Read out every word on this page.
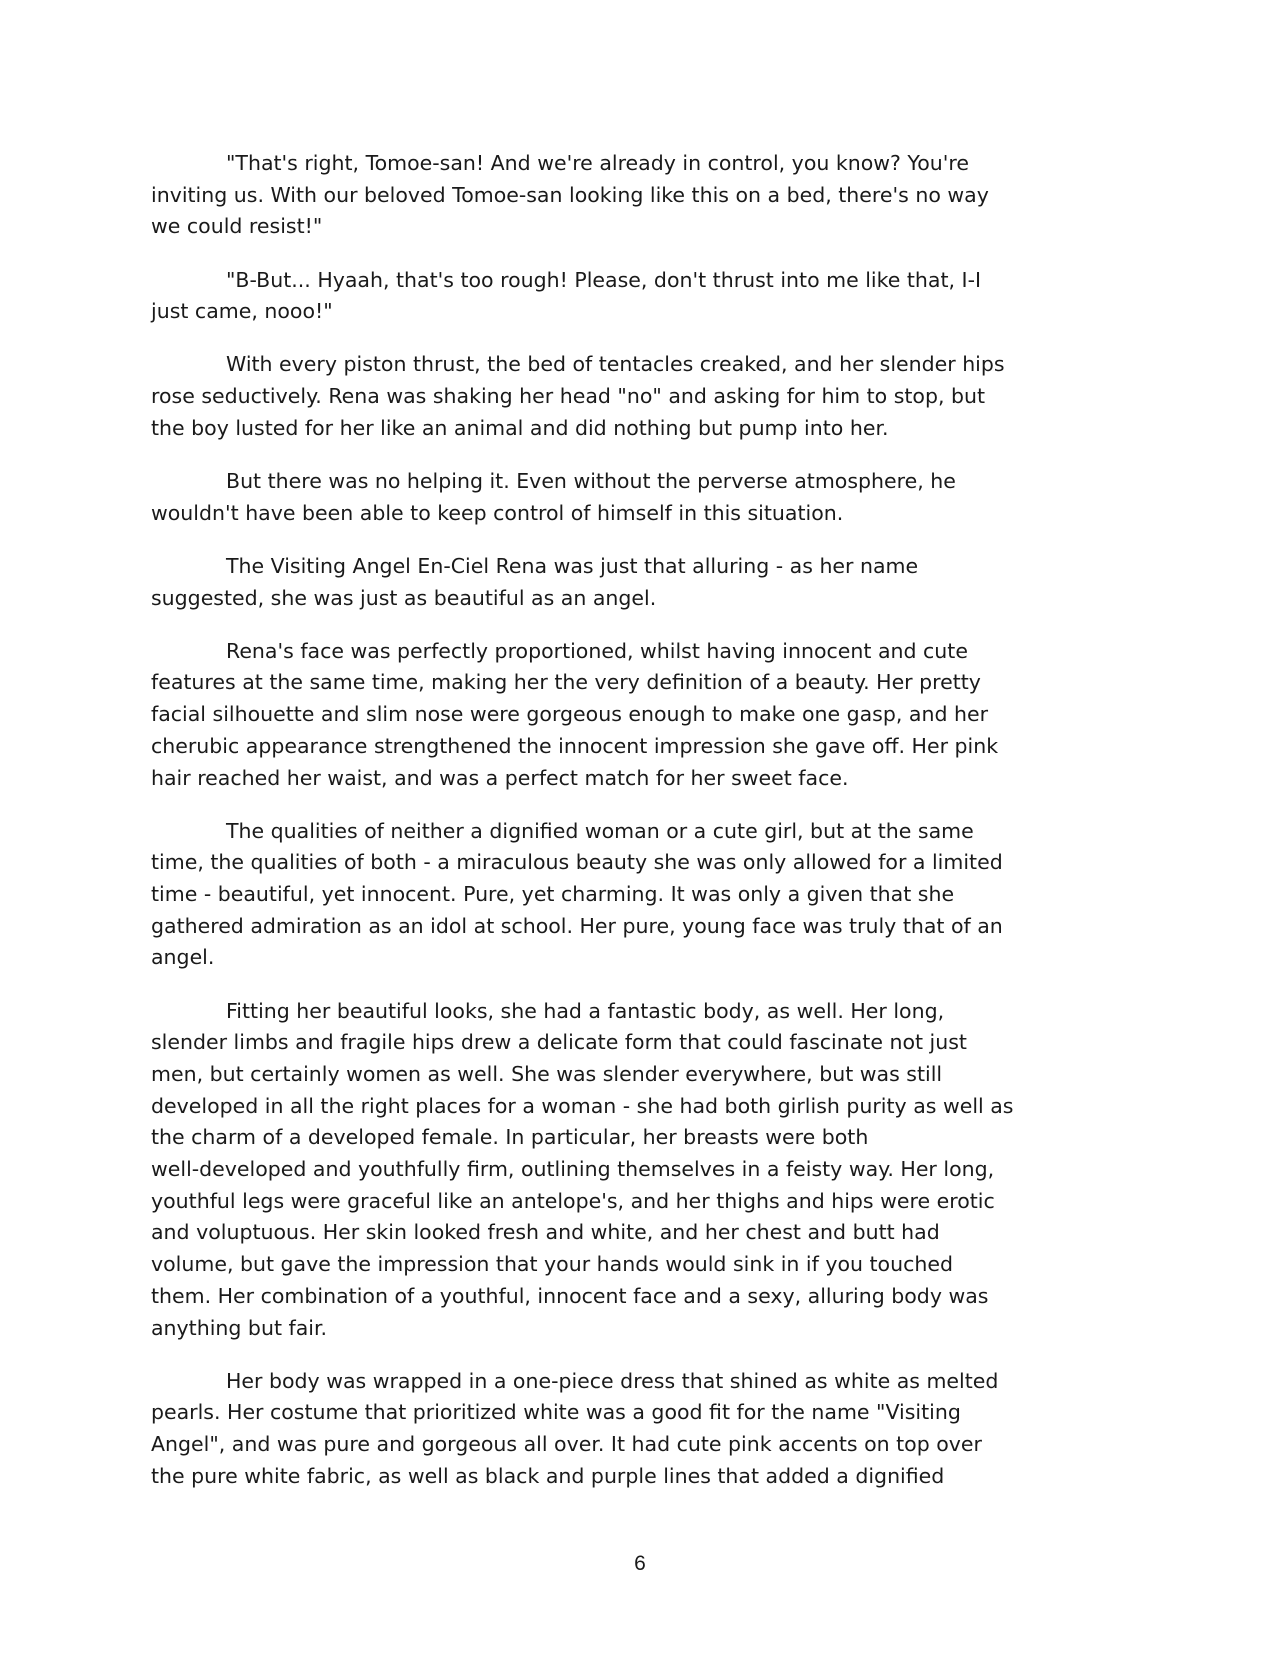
"That's right, Tomoe-san! And we're already in control, you know? You're
inviting us. With our beloved Tomoe-san looking like this on a bed, there's no way
we could resist!"
"B-But... Hyaah, that's too rough! Please, don't thrust into me like that, I-I
just came, nooo!"
With every piston thrust, the bed of tentacles creaked, and her slender hips
rose seductively. Rena was shaking her head "no" and asking for him to stop, but
the boy lusted for her like an animal and did nothing but pump into her.
But there was no helping it. Even without the perverse atmosphere, he
wouldn't have been able to keep control of himself in this situation.
The Visiting Angel En-Ciel Rena was just that alluring - as her name
suggested, she was just as beautiful as an angel.
Rena's face was perfectly proportioned, whilst having innocent and cute
features at the same time, making her the very definition of a beauty. Her pretty
facial silhouette and slim nose were gorgeous enough to make one gasp, and her
cherubic appearance strengthened the innocent impression she gave off. Her pink
hair reached her waist, and was a perfect match for her sweet face.
The qualities of neither a dignified woman or a cute girl, but at the same
time, the qualities of both - a miraculous beauty she was only allowed for a limited
time - beautiful, yet innocent. Pure, yet charming. It was only a given that she
gathered admiration as an idol at school. Her pure, young face was truly that of an
angel.
Fitting her beautiful looks, she had a fantastic body, as well. Her long,
slender limbs and fragile hips drew a delicate form that could fascinate not just
men, but certainly women as well. She was slender everywhere, but was still
developed in all the right places for a woman - she had both girlish purity as well as
the charm of a developed female. In particular, her breasts were both
well-developed and youthfully firm, outlining themselves in a feisty way. Her long,
youthful legs were graceful like an antelope's, and her thighs and hips were erotic
and voluptuous. Her skin looked fresh and white, and her chest and butt had
volume, but gave the impression that your hands would sink in if you touched
them. Her combination of a youthful, innocent face and a sexy, alluring body was
anything but fair.
Her body was wrapped in a one-piece dress that shined as white as melted
pearls. Her costume that prioritized white was a good fit for the name "Visiting
Angel", and was pure and gorgeous all over. It had cute pink accents on top over
the pure white fabric, as well as black and purple lines that added a dignified
6
